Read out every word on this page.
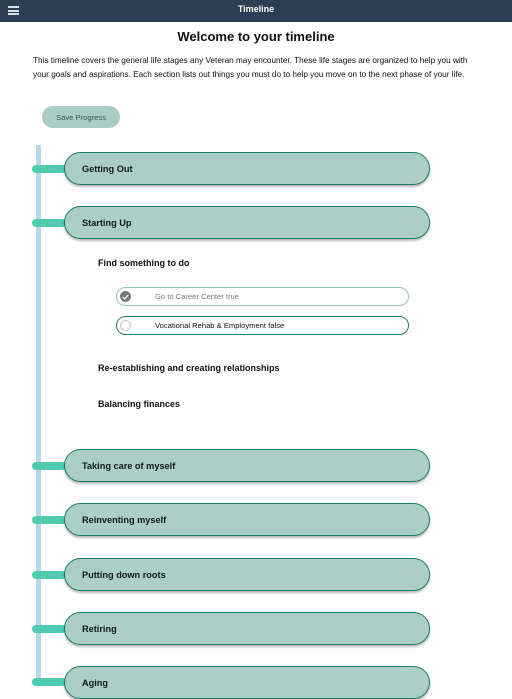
Timeline
Welcome to your timeline
This timeline covers the general life stages any Veteran may encounter. These life stages are organized to help you with your goals and aspirations. Each section lists out things you must do to help you move on to the next phase of your life.
Save Progress
Getting Out
Starting Up
Find something to do
Go to Career Center true
Vocational Rehab & Employment false
Re-establishing and creating relationships
Balancing finances
Taking care of myself
Reinventing myself
Putting down roots
Retiring
Aging
